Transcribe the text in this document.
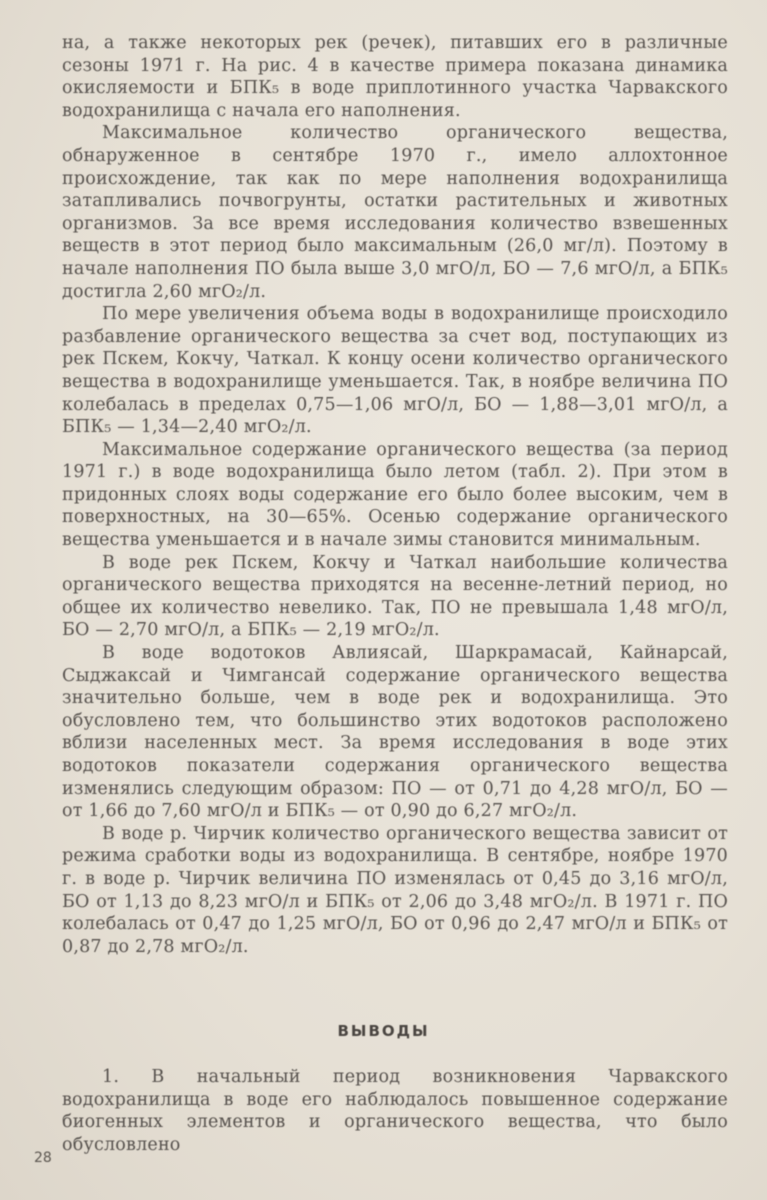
на, а также некоторых рек (речек), питавших его в различные сезоны 1971 г. На рис. 4 в качестве примера показана динамика окисляемости и БПК₅ в воде приплотинного участка Чарвакского водохранилища с начала его наполнения.

Максимальное количество органического вещества, обнаруженное в сентябре 1970 г., имело аллохтонное происхождение, так как по мере наполнения водохранилища затапливались почвогрунты, остатки растительных и животных организмов. За все время исследования количество взвешенных веществ в этот период было максимальным (26,0 мг/л). Поэтому в начале наполнения ПО была выше 3,0 мгО/л, БО — 7,6 мгО/л, а БПК₅ достигла 2,60 мгО₂/л.

По мере увеличения объема воды в водохранилище происходило разбавление органического вещества за счет вод, поступающих из рек Пскем, Кокчу, Чаткал. К концу осени количество органического вещества в водохранилище уменьшается. Так, в ноябре величина ПО колебалась в пределах 0,75—1,06 мгО/л, БО — 1,88—3,01 мгО/л, а БПК₅ — 1,34—2,40 мгО₂/л.

Максимальное содержание органического вещества (за период 1971 г.) в воде водохранилища было летом (табл. 2). При этом в придонных слоях воды содержание его было более высоким, чем в поверхностных, на 30—65%. Осенью содержание органического вещества уменьшается и в начале зимы становится минимальным.

В воде рек Пскем, Кокчу и Чаткал наибольшие количества органического вещества приходятся на весенне-летний период, но общее их количество невелико. Так, ПО не превышала 1,48 мгО/л, БО — 2,70 мгО/л, а БПК₅ — 2,19 мгО₂/л.

В воде водотоков Авлиясай, Шаркрамасай, Кайнарсай, Сыджаксай и Чимгансай содержание органического вещества значительно больше, чем в воде рек и водохранилища. Это обусловлено тем, что большинство этих водотоков расположено вблизи населенных мест. За время исследования в воде этих водотоков показатели содержания органического вещества изменялись следующим образом: ПО — от 0,71 до 4,28 мгО/л, БО — от 1,66 до 7,60 мгО/л и БПК₅ — от 0,90 до 6,27 мгО₂/л.

В воде р. Чирчик количество органического вещества зависит от режима сработки воды из водохранилища. В сентябре, ноябре 1970 г. в воде р. Чирчик величина ПО изменялась от 0,45 до 3,16 мгО/л, БО от 1,13 до 8,23 мгО/л и БПК₅ от 2,06 до 3,48 мгО₂/л. В 1971 г. ПО колебалась от 0,47 до 1,25 мгО/л, БО от 0,96 до 2,47 мгО/л и БПК₅ от 0,87 до 2,78 мгО₂/л.

ВЫВОДЫ

1. В начальный период возникновения Чарвакского водохранилища в воде его наблюдалось повышенное содержание биогенных элементов и органического вещества, что было обусловлено

28
